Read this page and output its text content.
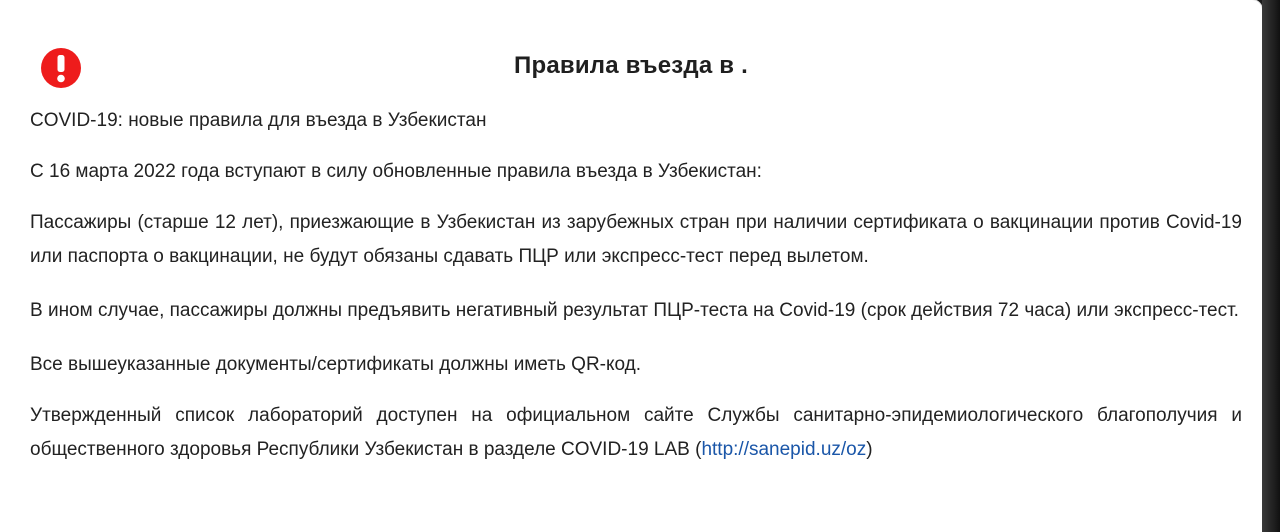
Правила въезда в .

COVID-19: новые правила для въезда в Узбекистан

С 16 марта 2022 года вступают в силу обновленные правила въезда в Узбекистан:

Пассажиры (старше 12 лет), приезжающие в Узбекистан из зарубежных стран при наличии сертификата о вакцинации против Covid-19 или паспорта о вакцинации, не будут обязаны сдавать ПЦР или экспресс-тест перед вылетом.

В ином случае, пассажиры должны предъявить негативный результат ПЦР-теста на Covid-19 (срок действия 72 часа) или экспресс-тест.

Все вышеуказанные документы/сертификаты должны иметь QR-код.

Утвержденный список лабораторий доступен на официальном сайте Службы санитарно-эпидемиологического благополучия и общественного здоровья Республики Узбекистан в разделе COVID-19 LAB (http://sanepid.uz/oz)
